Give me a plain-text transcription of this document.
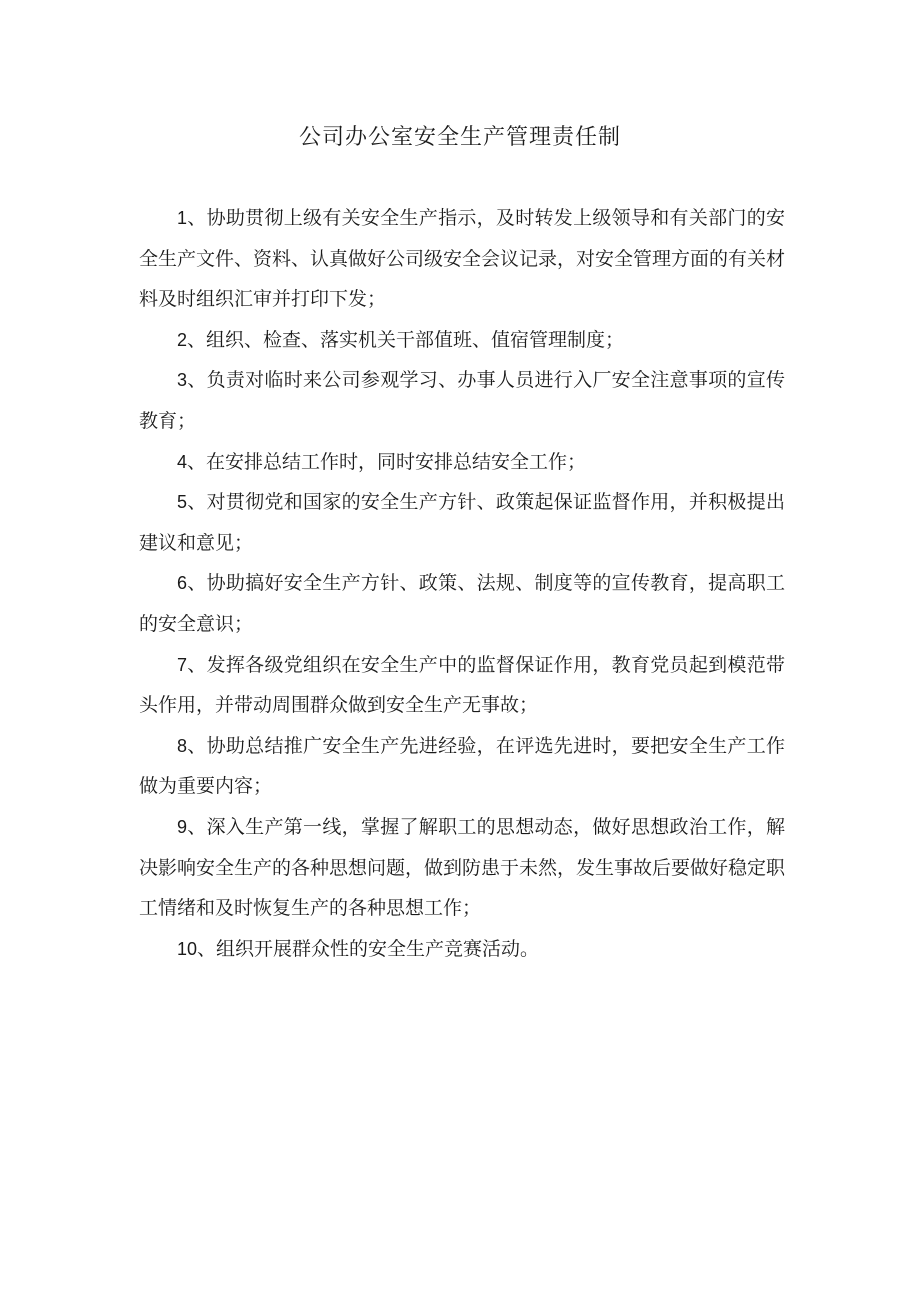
公司办公室安全生产管理责任制

1、协助贯彻上级有关安全生产指示，及时转发上级领导和有关部门的安全生产文件、资料、认真做好公司级安全会议记录，对安全管理方面的有关材料及时组织汇审并打印下发；

2、组织、检查、落实机关干部值班、值宿管理制度；

3、负责对临时来公司参观学习、办事人员进行入厂安全注意事项的宣传教育；

4、在安排总结工作时，同时安排总结安全工作；

5、对贯彻党和国家的安全生产方针、政策起保证监督作用，并积极提出建议和意见；

6、协助搞好安全生产方针、政策、法规、制度等的宣传教育，提高职工的安全意识；

7、发挥各级党组织在安全生产中的监督保证作用，教育党员起到模范带头作用，并带动周围群众做到安全生产无事故；

8、协助总结推广安全生产先进经验，在评选先进时，要把安全生产工作做为重要内容；

9、深入生产第一线，掌握了解职工的思想动态，做好思想政治工作，解决影响安全生产的各种思想问题，做到防患于未然，发生事故后要做好稳定职工情绪和及时恢复生产的各种思想工作；

10、组织开展群众性的安全生产竞赛活动。
